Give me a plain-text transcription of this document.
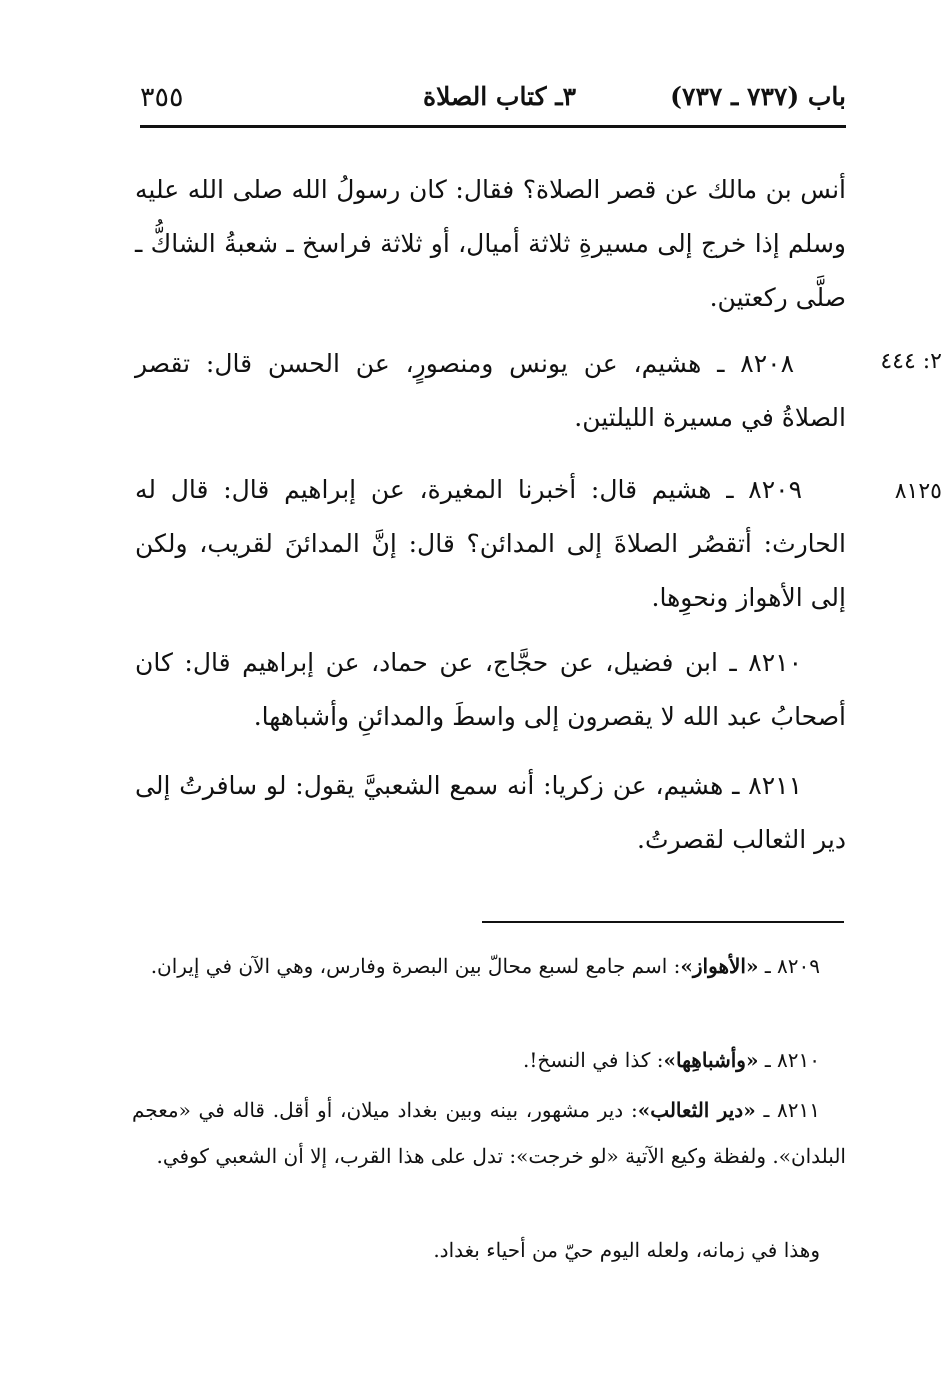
باب (٧٣٧ ـ ٧٣٧)
٣ـ كتاب الصلاة
٣٥٥

أنس بن مالك عن قصر الصلاة؟ فقال: كان رسولُ الله صلى الله عليه وسلم إذا خرج إلى مسيرةِ ثلاثة أميال، أو ثلاثة فراسخ ـ شعبةُ الشاكُّ ـ صلَّى ركعتين.

٨٢٠٨ ـ هشيم، عن يونس ومنصورٍ، عن الحسن قال: تقصر الصلاةُ في مسيرة الليلتين.

٢: ٤٤٤

٨٢٠٩ ـ هشيم قال: أخبرنا المغيرة، عن إبراهيم قال: قال له الحارث: أتقصُر الصلاةَ إلى المدائن؟ قال: إنَّ المدائنَ لقريب، ولكن إلى الأهواز ونحوِها.

٨١٢٥

٨٢١٠ ـ ابن فضيل، عن حجَّاج، عن حماد، عن إبراهيم قال: كان أصحابُ عبد الله لا يقصرون إلى واسطَ والمدائنِ وأشباهها.

٨٢١١ ـ هشيم، عن زكريا: أنه سمع الشعبيَّ يقول: لو سافرتُ إلى دير الثعالب لقصرتُ.

٨٢٠٩ ـ «الأهواز»: اسم جامع لسبع محالّ بين البصرة وفارس، وهي الآن في إيران.

٨٢١٠ ـ «وأشباهِها»: كذا في النسخ!.

٨٢١١ ـ «دير الثعالب»: دير مشهور، بينه وبين بغداد ميلان، أو أقل. قاله في «معجم البلدان». ولفظة وكيع الآتية «لو خرجت»: تدل على هذا القرب، إلا أن الشعبي كوفي.

وهذا في زمانه، ولعله اليوم حيّ من أحياء بغداد.
